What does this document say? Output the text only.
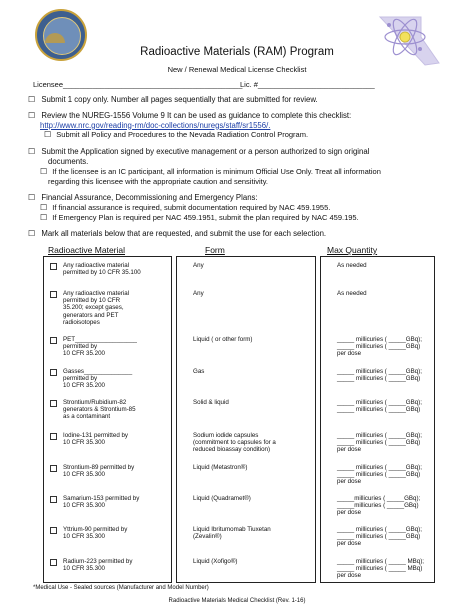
Radioactive Materials (RAM) Program
New / Renewal Medical License Checklist
Licensee___________________________________________
Lic. #____________________________
☐ Submit 1 copy only. Number all pages sequentially that are submitted for review.
☐ Review the NUREG-1556 Volume 9 It can be used as guidance to complete this checklist:
http://www.nrc.gov/reading-rm/doc-collections/nuregs/staff/sr1556/.
☐ Submit all Policy and Procedures to the Nevada Radiation Control Program.
☐ Submit the Application signed by executive management or a person authorized to sign original
documents.
☐ If the licensee is an IC participant, all information is minimum Official Use Only. Treat all information
regarding this licensee with the appropriate caution and sensitivity.
☐ Financial Assurance, Decommissioning and Emergency Plans:
☐ If financial assurance is required, submit documentation required by NAC 459.1955.
☐ If Emergency Plan is required per NAC 459.1951, submit the plan required by NAC 459.195.
☐ Mark all materials below that are requested, and submit the use for each selection.
Radioactive Material	Form	Max Quantity
Any radioactive material
permitted by 10 CFR 35.100
Any radioactive material
permitted by 10 CFR
35.200; except gases,
generators and PET
radioisotopes
PET__________________
permitted by
10 CFR 35.200
Gasses______________
permitted by
10 CFR 35.200
Strontium/Rubidium-82
generators & Strontium-85
as a contaminant
Iodine-131 permitted by
10 CFR 35.300
Strontium-89 permitted by
10 CFR 35.300
Samarium-153 permitted by
10 CFR 35.300
Yttrium-90 permitted by
10 CFR 35.300
Radium-223 permitted by
10 CFR 35.300
Any
Any
Liquid ( or other form)
Gas
Solid & liquid
Sodium iodide capsules
(commitment to capsules for a
reduced bioassay condition)
Liquid (Metastron®)
Liquid (Quadramet®)
Liquid Ibritumomab Tiuxetan
(Zevalin®)
Liquid (Xofigo®)
As needed
As needed
_____ millicuries ( _____GBq);
_____ millicuries ( _____GBq)
per dose
_____ millicuries ( _____GBq);
_____ millicuries ( _____GBq)
_____ millicuries ( _____GBq);
_____ millicuries ( _____GBq)
_____ millicuries ( _____GBq);
_____ millicuries ( _____GBq)
per dose
_____ millicuries ( _____GBq);
_____ millicuries ( _____GBq)
per dose
_____millicuries ( _____GBq);
_____millicuries ( _____GBq)
per dose
_____ millicuries ( _____GBq);
_____ millicuries ( _____GBq)
per dose
_____ millicuries ( _____ MBq);
_____ millicuries ( _____ MBq)
per dose
*Medical Use - Sealed sources (Manufacturer and Model Number)
Radioactive Materials Medical Checklist (Rev. 1-16)
